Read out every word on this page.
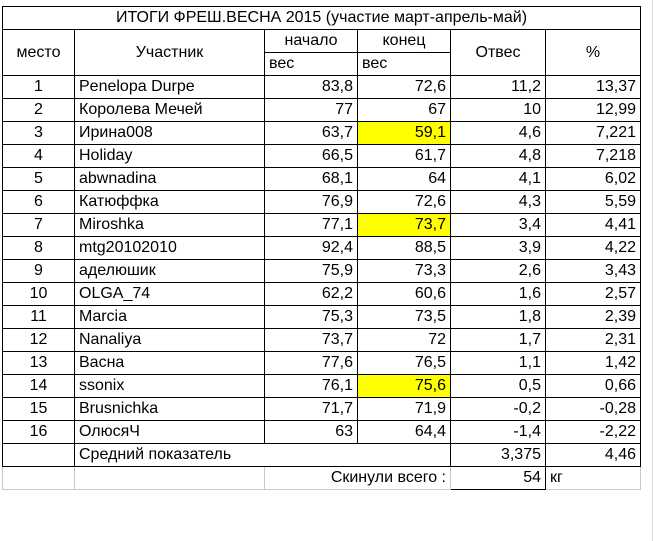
ИТОГИ ФРЕШ.ВЕСНА 2015 (участие март-апрель-май)					
место	Участник	начало	конец	Отвес	%
		вес	вес		
1	Penelopa Durpe	83,8	72,6	11,2	13,37
2	Королева Мечей	77	67	10	12,99
3	Ирина008	63,7	59,1	4,6	7,221
4	Holiday	66,5	61,7	4,8	7,218
5	abwnadina	68,1	64	4,1	6,02
6	Катюффка	76,9	72,6	4,3	5,59
7	Miroshka	77,1	73,7	3,4	4,41
8	mtg20102010	92,4	88,5	3,9	4,22
9	аделюшик	75,9	73,3	2,6	3,43
10	OLGA_74	62,2	60,6	1,6	2,57
11	Marcia	75,3	73,5	1,8	2,39
12	Nanaliya	73,7	72	1,7	2,31
13	Васна	77,6	76,5	1,1	1,42
14	ssonix	76,1	75,6	0,5	0,66
15	Brusnichka	71,7	71,9	-0,2	-0,28
16	ОлюсяЧ	63	64,4	-1,4	-2,22
	Средний показатель			3,375	4,46
		Скинули всего :		54	кг
